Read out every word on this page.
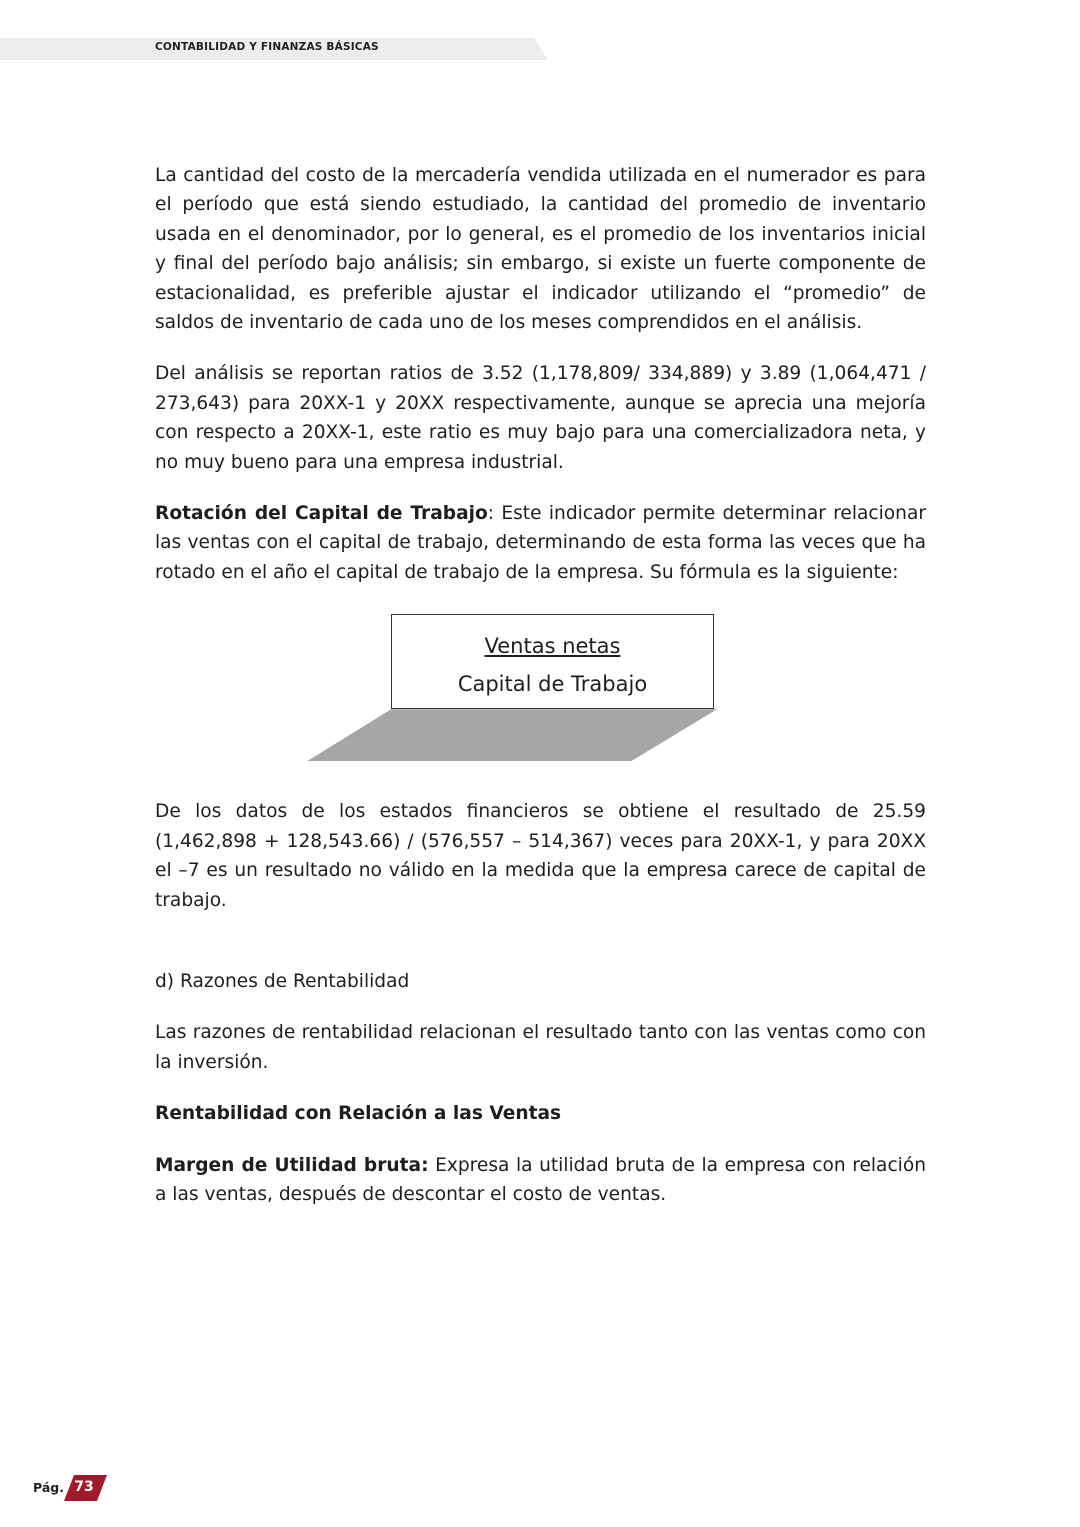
CONTABILIDAD Y FINANZAS BÁSICAS

La cantidad del costo de la mercadería vendida utilizada en el numerador es para el período que está siendo estudiado, la cantidad del promedio de inventario usada en el denominador, por lo general, es el promedio de los inventarios inicial y final del período bajo análisis; sin embargo, si existe un fuerte componente de estacionalidad, es preferible ajustar el indicador utilizando el “promedio” de saldos de inventario de cada uno de los meses comprendidos en el análisis.

Del análisis se reportan ratios de 3.52 (1,178,809/ 334,889) y 3.89 (1,064,471 / 273,643) para 20XX-1 y 20XX respectivamente, aunque se aprecia una mejoría con respecto a 20XX-1, este ratio es muy bajo para una comercializadora neta, y no muy bueno para una empresa industrial.

Rotación del Capital de Trabajo: Este indicador permite determinar relacionar las ventas con el capital de trabajo, determinando de esta forma las veces que ha rotado en el año el capital de trabajo de la empresa. Su fórmula es la siguiente:

Ventas netas
Capital de Trabajo

De los datos de los estados financieros se obtiene el resultado de 25.59 (1,462,898 + 128,543.66) / (576,557 – 514,367) veces para 20XX-1, y para 20XX el –7 es un resultado no válido en la medida que la empresa carece de capital de trabajo.

d) Razones de Rentabilidad

Las razones de rentabilidad relacionan el resultado tanto con las ventas como con la inversión.

Rentabilidad con Relación a las Ventas

Margen de Utilidad bruta: Expresa la utilidad bruta de la empresa con relación a las ventas, después de descontar el costo de ventas.

Pág. 73
